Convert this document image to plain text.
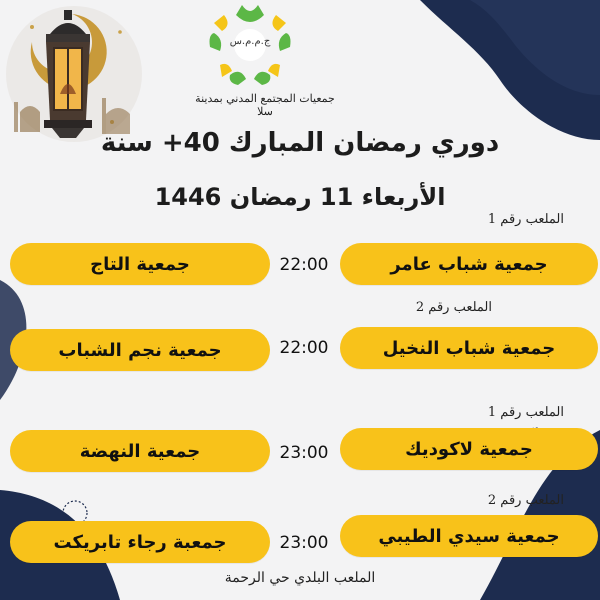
ج.م.م.س
جمعيات المجتمع المدني بمدينة سلا
دوري رمضان المبارك 40+ سنة
الأربعاء 11 رمضان 1446
الملعب رقم 1
جمعية شباب عامر
22:00
جمعية التاج
الملعب رقم 2
جمعية شباب النخيل
22:00
جمعية نجم الشباب
الملعب رقم 1
جمعية لاكوديك
23:00
جمعية النهضة
الملعب رقم 2
جمعية سيدي الطيبي
23:00
جمعبة رجاء تابريكت
الملعب البلدي حي الرحمة
